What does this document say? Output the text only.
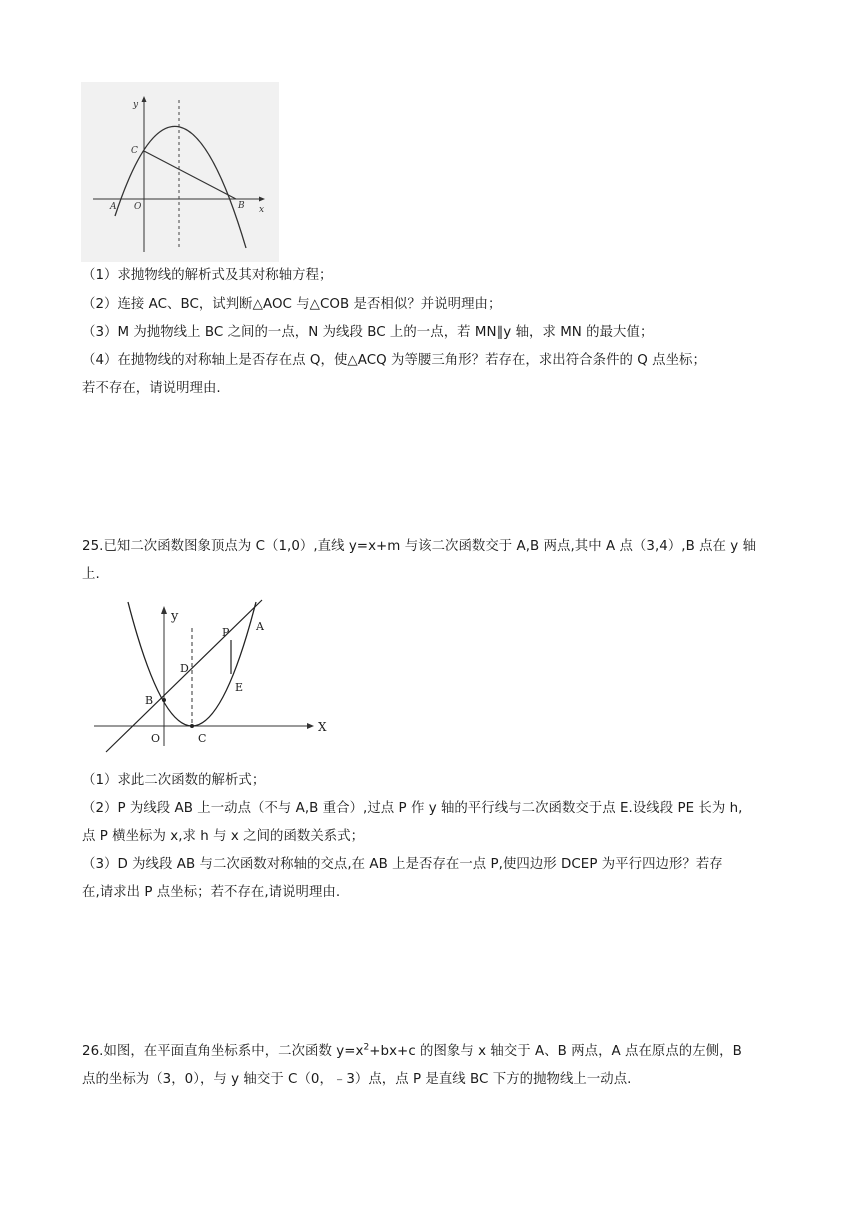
y
x
C
A O	B
（1）求抛物线的解析式及其对称轴方程；
（2）连接 AC、BC，试判断△AOC 与△COB 是否相似？并说明理由；
（3）M 为抛物线上 BC 之间的一点，N 为线段 BC 上的一点，若 MN∥y 轴，求 MN 的最大值；
（4）在抛物线的对称轴上是否存在点 Q，使△ACQ 为等腰三角形？若存在，求出符合条件的 Q 点坐标；
若不存在，请说明理由.
25.已知二次函数图象顶点为 C（1,0）,直线 y=x+m 与该二次函数交于 A,B 两点,其中 A 点（3,4）,B 点在 y 轴
上.
y
X
A
P
D
E
B
O	C
（1）求此二次函数的解析式；
（2）P 为线段 AB 上一动点（不与 A,B 重合）,过点 P 作 y 轴的平行线与二次函数交于点 E.设线段 PE 长为 h,
点 P 横坐标为 x,求 h 与 x 之间的函数关系式；
（3）D 为线段 AB 与二次函数对称轴的交点,在 AB 上是否存在一点 P,使四边形 DCEP 为平行四边形？若存
在,请求出 P 点坐标；若不存在,请说明理由.
26.如图，在平面直角坐标系中，二次函数 $y=x^2+bx+c$ 的图象与 x 轴交于 A、B 两点，A 点在原点的左侧，B
点的坐标为（3，0），与 y 轴交于 C（0，﹣3）点，点 P 是直线 BC 下方的抛物线上一动点.
